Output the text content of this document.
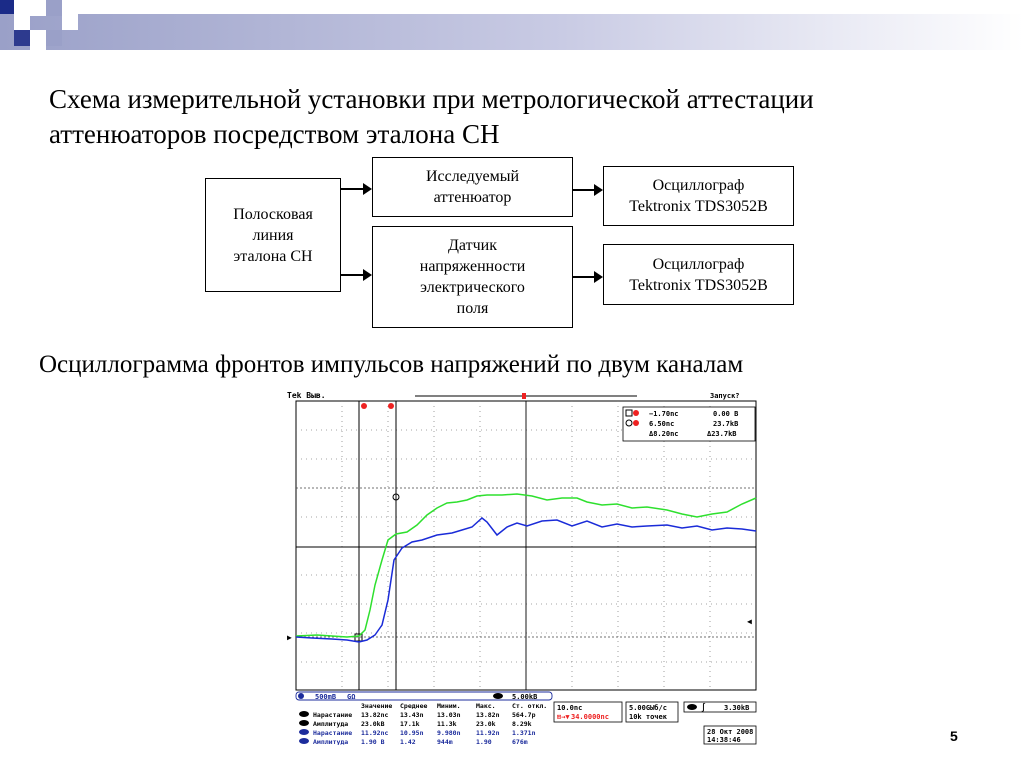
Схема измерительной установки при метрологической аттестации
аттенюаторов посредством эталона СН
Полосковая
линия
эталона СН
Исследуемый
аттенюатор
Датчик
напряженности
электрического
поля
Осциллограф
Tektronix TDS3052B
Осциллограф
Tektronix TDS3052B
Осциллограмма фронтов импульсов напряжений по двум каналам
Tek Выв.	Запуск?
▶
◀
−1.70nc	0.00 B
6.50nc	23.7kB
Δ8.20nc	Δ23.7kB
500mB GΩ	5.00kB
Значение Среднее Миним. Макс.	Ст. откл.
Нарастание 13.82nc 13.43n 13.03n 13.82n 564.7p
Амплитуда 23.0kB 17.1k	11.3k	23.0k	8.29k
Нарастание 11.92nc 10.95n 9.980n 11.92n 1.371n
Амплитуда 1.90 B 1.42	944m	1.90	676m
10.0nc
⊞→▼ 34.0000nc
5.00GЫб/с
10k точек
∫	3.30kB
28 Окт 2008
14:38:46	5
